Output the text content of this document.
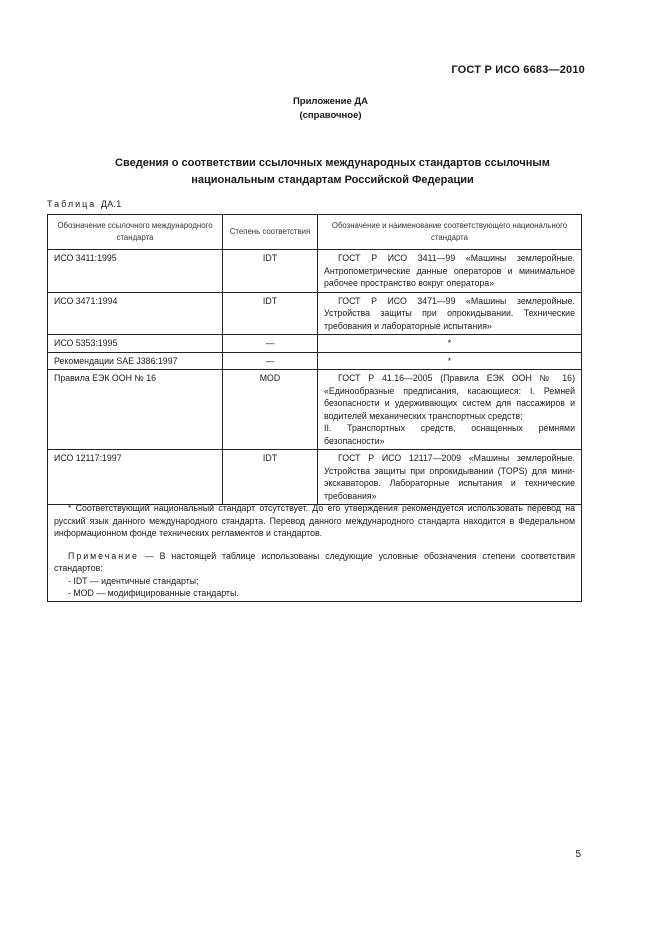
ГОСТ Р ИСО 6683—2010
Приложение ДА
(справочное)
Сведения о соответствии ссылочных международных стандартов ссылочным
национальным стандартам Российской Федерации
Таблица ДА.1
Обозначение ссылочного международного стандарта	Степень соответствия	Обозначение и наименование соответствующего национального стандарта
ИСО 3411:1995	IDT	ГОСТ Р ИСО 3411—99 «Машины землеройные. Антропометрические данные операторов и минимальное рабочее пространство вокруг оператора»

ИСО 3471:1994	IDT	ГОСТ Р ИСО 3471—99 «Машины землеройные. Устройства защиты при опрокидывании. Технические требования и лабораторные испытания»

ИСО 5353:1995	—	*

Рекомендации SAE J386:1997	—	*

Правила ЕЭК ООН № 16	MOD	ГОСТ Р 41.16—2005 (Правила ЕЭК ООН № 16) «Единообразные предписания, касающиеся: I. Ремней безопасности и удерживающих систем для пассажиров и водителей механических транспортных средств;

II. Транспортных средств, оснащенных ремнями безопасности»

ИСО 12117:1997	IDT	ГОСТ Р ИСО 12117—2009 «Машины землеройные. Устройства защиты при опрокидывании (TOPS) для мини-экскаваторов. Лабораторные испытания и технические требования»

* Соответствующий национальный стандарт отсутствует. До его утверждения рекомендуется использовать перевод на русский язык данного международного стандарта. Перевод данного международного стандарта находится в Федеральном информационном фонде технических регламентов и стандартов.

Примечание — В настоящей таблице использованы следующие условные обозначения степени соответствия стандартов:

- IDT — идентичные стандарты;

- MOD — модифицированные стандарты.

5
